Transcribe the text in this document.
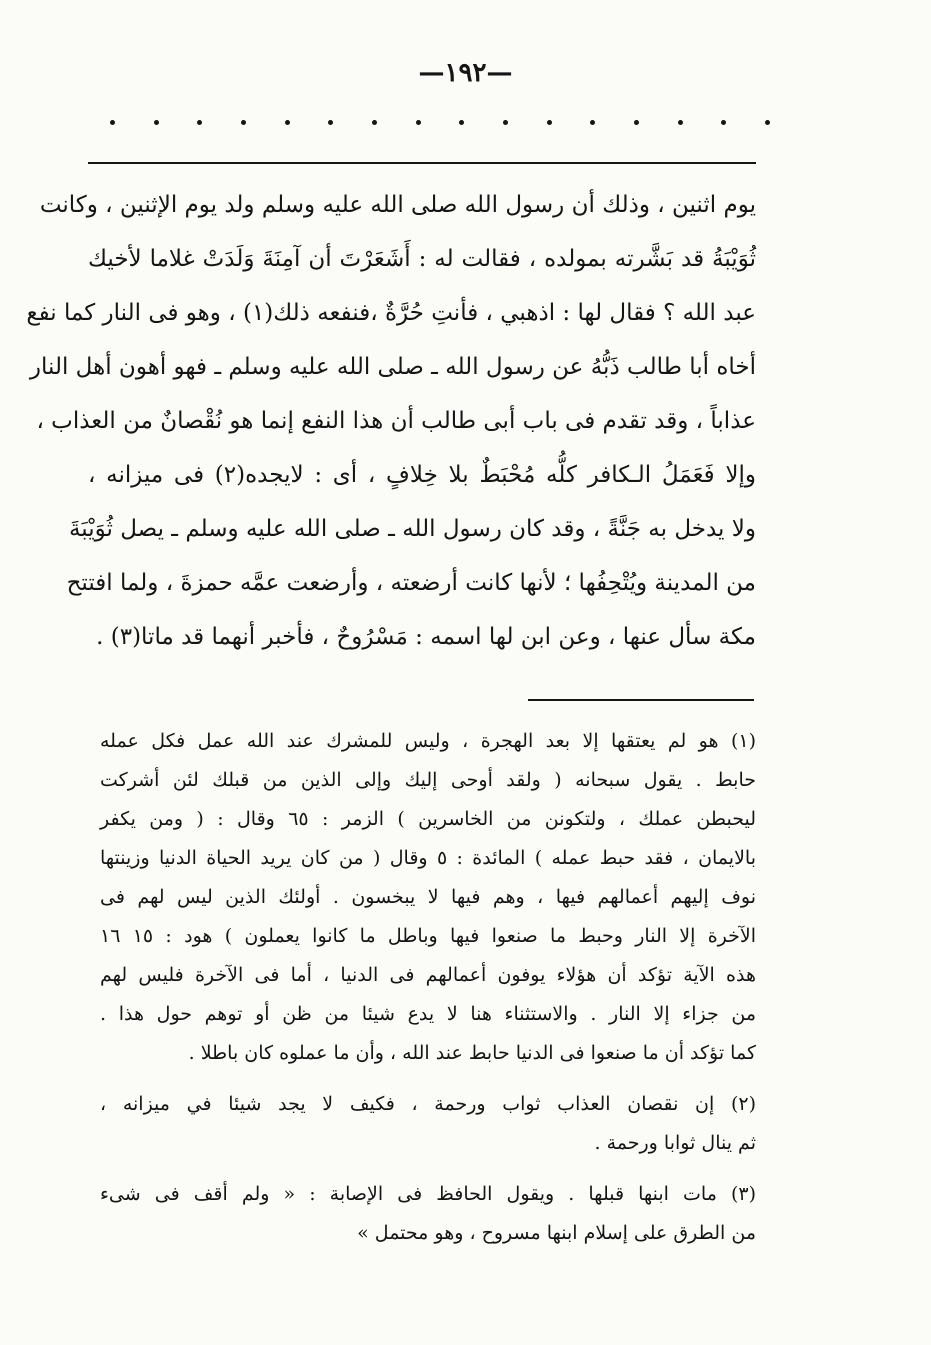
—١٩٢—
يوم اثنين ، وذلك أن رسول الله صلى الله عليه وسلم ولد يوم الإثنين ، وكانت
ثُوَيْبَةُ قد بَشَّرته بمولده ، فقالت له : أَشَعَرْتَ أن آمِنَةَ وَلَدَتْ غلاما لأخيك
عبد الله ؟ فقال لها : اذهبي ، فأنتِ حُرَّةٌ ،فنفعه ذلك(١) ، وهو فى النار كما نفع
أخاه أبا طالب ذَبُّهُ عن رسول الله ـ صلى الله عليه وسلم ـ فهو أهون أهل النار
عذاباً ، وقد تقدم فى باب أبى طالب أن هذا النفع إنما هو نُقْصانٌ من العذاب ،
وإلا فَعَمَلُ الـكافر كلُّه مُحْبَطٌ بلا خِلافٍ ، أى : لايجده(٢) فى ميزانه ،
ولا يدخل به جَنَّةً ، وقد كان رسول الله ـ صلى الله عليه وسلم ـ يصل ثُوَيْبَةَ
من المدينة ويُتْحِفُها ؛ لأنها كانت أرضعته ، وأرضعت عمَّه حمزةَ ، ولما افتتح
مكة سأل عنها ، وعن ابن لها اسمه : مَسْرُوحٌ ، فأخبر أنهما قد ماتا(٣) .
(١) هو لم يعتقها إلا بعد الهجرة ، وليس للمشرك عند الله عمل فكل عمله
حابط . يقول سبحانه ( ولقد أوحى إليك وإلى الذين من قبلك لئن أشركت
ليحبطن عملك ، ولتكونن من الخاسرين ) الزمر : ٦٥ وقال : ( ومن يكفر
بالايمان ، فقد حبط عمله ) المائدة : ٥ وقال ( من كان يريد الحياة الدنيا وزينتها
نوف إليهم أعمالهم فيها ، وهم فيها لا يبخسون . أولئك الذين ليس لهم فى
الآخرة إلا النار وحبط ما صنعوا فيها وباطل ما كانوا يعملون ) هود : ١٥ ١٦
هذه الآية تؤكد أن هؤلاء يوفون أعمالهم فى الدنيا ، أما فى الآخرة فليس لهم
من جزاء إلا النار . والاستثناء هنا لا يدع شيئا من ظن أو توهم حول هذا .
كما تؤكد أن ما صنعوا فى الدنيا حابط عند الله ، وأن ما عملوه كان باطلا .
(٢) إن نقصان العذاب ثواب ورحمة ، فكيف لا يجد شيئا في ميزانه ،
ثم ينال ثوابا ورحمة .
(٣) مات ابنها قبلها . ويقول الحافظ فى الإصابة : « ولم أقف فى شىء
من الطرق على إسلام ابنها مسروح ، وهو محتمل »
